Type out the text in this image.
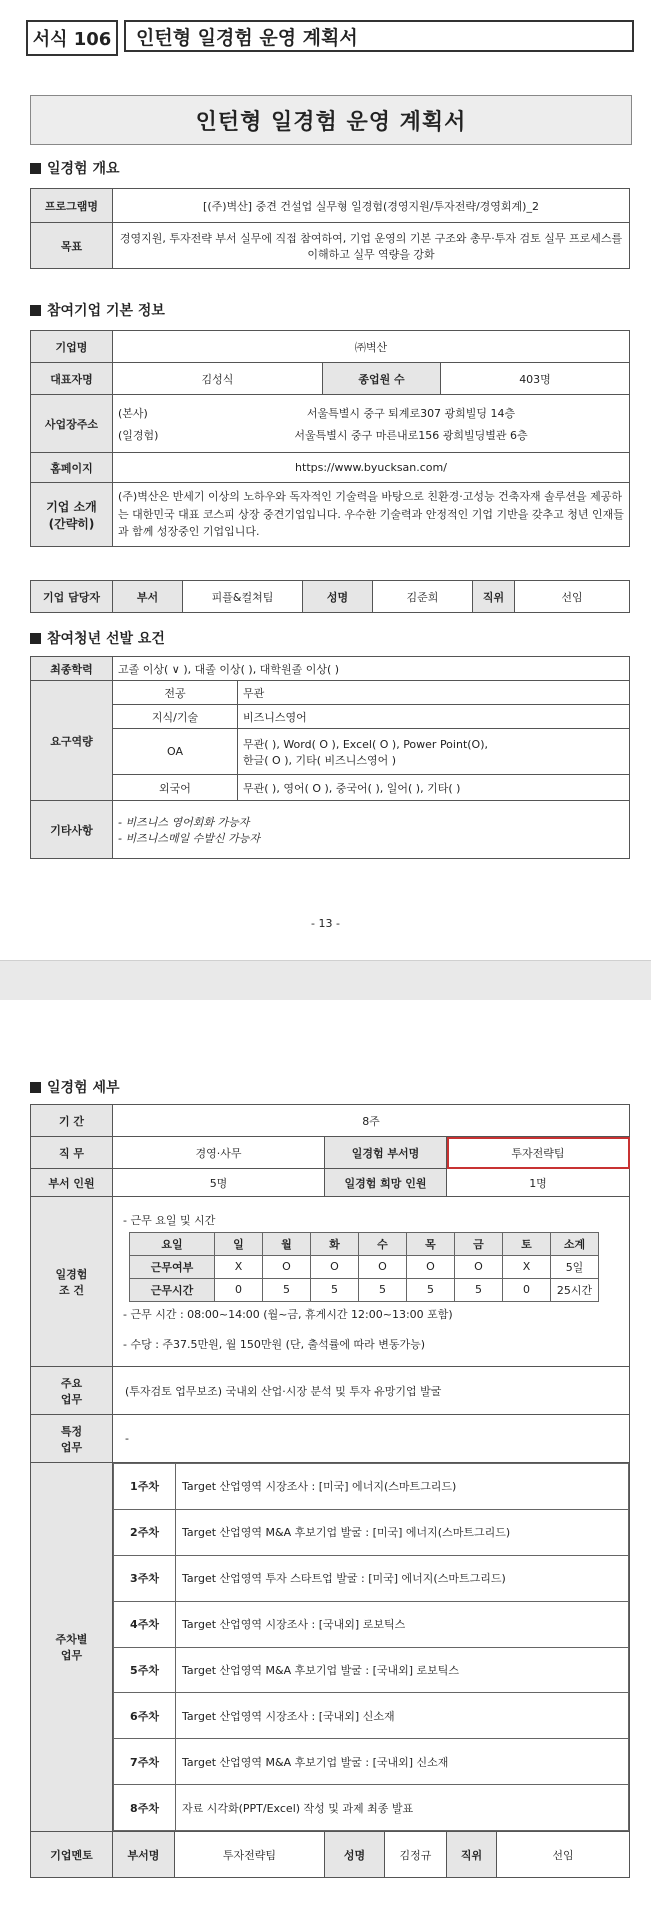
서식 106	인턴형 일경험 운영 계획서
인턴형 일경험 운영 계획서
일경험 개요
프로그램명	[(주)벽산] 중견 건설업 실무형 일경험(경영지원/투자전략/경영회계)_2
목표	경영지원, 투자전략 부서 실무에 직접 참여하여, 기업 운영의 기본 구조와 총무·투자 검토 실무 프로세스를 이해하고 실무 역량을 강화
참여기업 기본 정보
기업명	㈜벽산		
대표자명	김성식	종업원 수	403명
사업장주소	(본사) 서울특별시 중구 퇴계로307 광희빌딩 14층
(일경험) 서울특별시 중구 마른내로156 광희빌딩별관 6층		

홈페이지	https://www.byucksan.com/		
기업 소개
(간략히)	(주)벽산은 반세기 이상의 노하우와 독자적인 기술력을 바탕으로 친환경·고성능 건축자재 솔루션을 제공하는 대한민국 대표 코스피 상장 중견기업입니다. 우수한 기술력과 안정적인 기업 기반을 갖추고 청년 인재들과 함께 성장중인 기업입니다.		
기업 담당자	부서	피플&컬쳐팀	성명	김준희	직위	선임
참여청년 선발 요건
최종학력	고졸 이상( ∨ ), 대졸 이상( ), 대학원졸 이상( )	
요구역량	전공	무관
	지식/기술	비즈니스영어
	OA	무관( ), Word( O ), Excel( O ), Power Point(O),
한글( O ), 기타( 비즈니스영어 )

	외국어	무관( ), 영어( O ), 중국어( ), 일어( ), 기타( )
기타사항	- 비즈니스 영어회화 가능자
- 비즈니스메일 수발신 가능자	
- 13 -
일경험 세부
기 간	8주
직 무	경영·사무	일경험 부서명	투자전략팀
부서 인원	5명	일경험 희망 인원	1명
일경험
조 건	
- 근무 요일 및 시간
요일	일	월	화	수	목	금	토	소계
근무여부	X	O	O	O	O	O	X	5일
근무시간	0	5	5	5	5	5	0	25시간
- 근무 시간 : 08:00~14:00 (월~금, 휴게시간 12:00~13:00 포함)
- 수당 : 주37.5만원, 월 150만원 (단, 출석률에 따라 변동가능)

주요
업무	(투자검토 업무보조) 국내외 산업·시장 분석 및 투자 유망기업 발굴
특정
업무	-
주차별
업무	
1주차	Target 산업영역 시장조사 : [미국] 에너지(스마트그리드)
2주차	Target 산업영역 M&A 후보기업 발굴 : [미국] 에너지(스마트그리드)
3주차	Target 산업영역 투자 스타트업 발굴 : [미국] 에너지(스마트그리드)
4주차	Target 산업영역 시장조사 : [국내외] 로보틱스
5주차	Target 산업영역 M&A 후보기업 발굴 : [국내외] 로보틱스
6주차	Target 산업영역 시장조사 : [국내외] 신소재
7주차	Target 산업영역 M&A 후보기업 발굴 : [국내외] 신소재
8주차	자료 시각화(PPT/Excel) 작성 및 과제 최종 발표

기업멘토	부서명	투자전략팀	성명	김정규	직위	선임
